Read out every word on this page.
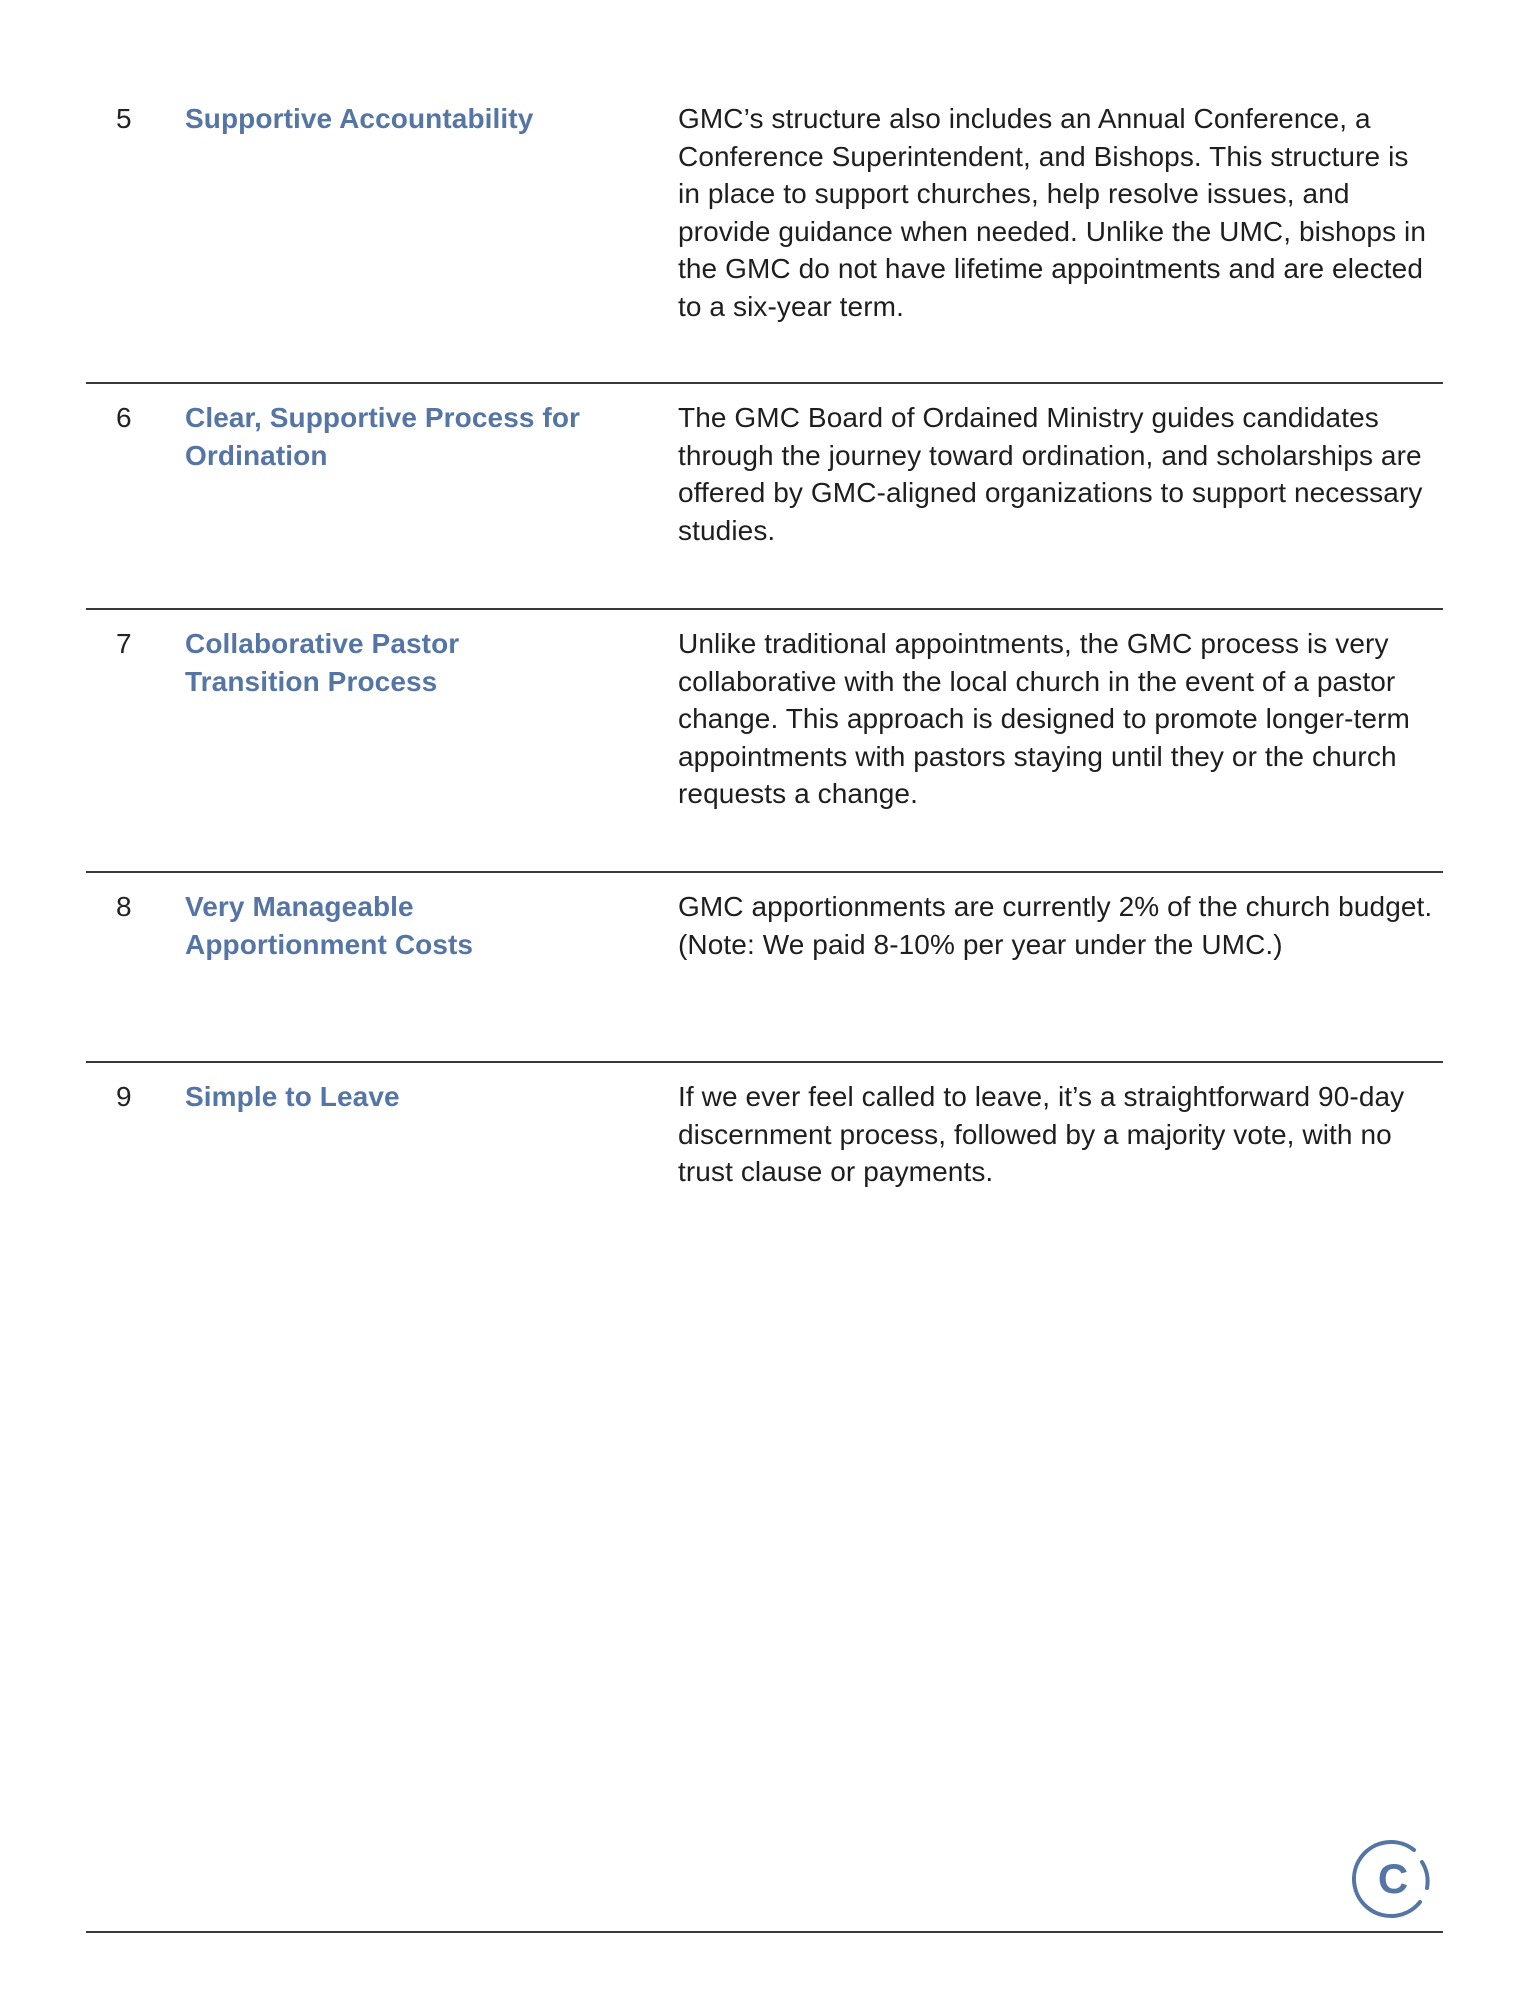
5 Supportive Accountability	GMC’s structure also includes an Annual Conference, a Conference Superintendent, and Bishops. This structure is in place to support churches, help resolve issues, and provide guidance when needed. Unlike the UMC, bishops in the GMC do not have lifetime appointments and are elected to a six-year term.
6 Clear, Supportive Process for Ordination
The GMC Board of Ordained Ministry guides candidates through the journey toward ordination, and scholarships are offered by GMC-aligned organizations to support necessary studies.
7 Collaborative Pastor Transition Process
Unlike traditional appointments, the GMC process is very collaborative with the local church in the event of a pastor change. This approach is designed to promote longer-term appointments with pastors staying until they or the church requests a change.
8 Very Manageable Apportionment Costs
GMC apportionments are currently 2% of the church budget. (Note: We paid 8-10% per year under the UMC.)
9 Simple to Leave	If we ever feel called to leave, it’s a straightforward 90-day discernment process, followed by a majority vote, with no trust clause or payments.
C
